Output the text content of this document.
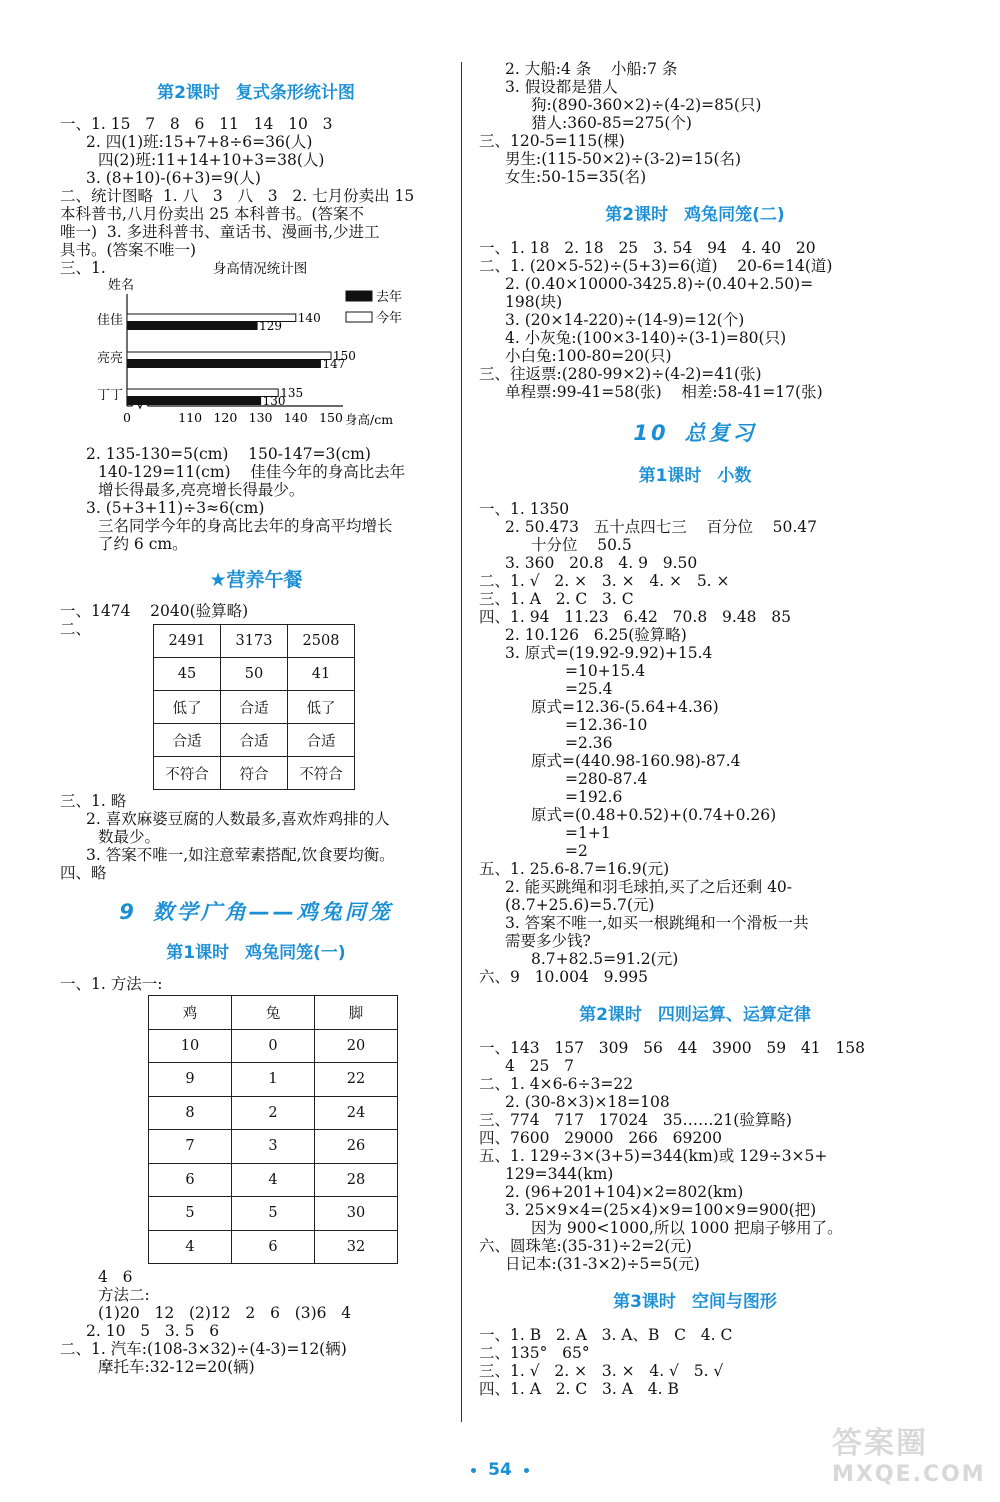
第2课时 复式条形统计图

一、1. 15   7   8   6   11   14   10   3

2. 四(1)班:15+7+8÷6=36(人)

四(2)班:11+14+10+3=38(人)

3. (8+10)-(6+3)=9(人)

二、统计图略  1. 八   3   八   3   2. 七月份卖出 15

本科普书,八月份卖出 25 本科普书。(答案不

唯一)  3. 多进科普书、童话书、漫画书,少进工

具书。(答案不唯一)

三、1.	身高情况统计图
姓名
0	110 120 130 140 150 身高/cm
佳佳	140
129
亮亮	150
147
丁丁	135
130
去年
今年

2. 135-130=5(cm)    150-147=3(cm)

140-129=11(cm)    佳佳今年的身高比去年

增长得最多,亮亮增长得最少。

3. (5+3+11)÷3≈6(cm)

三名同学今年的身高比去年的身高平均增长

了约 6 cm。

★营养午餐

一、1474    2040(验算略)

二、

2491	3173	2508
45	50	41
低了	合适	低了
合适	合适	合适
不符合	符合	不符合

三、1. 略

2. 喜欢麻婆豆腐的人数最多,喜欢炸鸡排的人

数最少。

3. 答案不唯一,如注意荤素搭配,饮食要均衡。

四、略

9 数学广角——鸡兔同笼

第1课时 鸡兔同笼(一)

一、1. 方法一:

鸡	兔	脚
10	0	20
9	1	22
8	2	24
7	3	26
6	4	28
5	5	30
4	6	32

4   6

方法二:

(1)20   12   (2)12   2   6   (3)6   4

2. 10   5   3. 5   6

二、1. 汽车:(108-3×32)÷(4-3)=12(辆)

摩托车:32-12=20(辆)

2. 大船:4 条    小船:7 条

3. 假设都是猎人

狗:(890-360×2)÷(4-2)=85(只)

猎人:360-85=275(个)

三、120-5=115(棵)

男生:(115-50×2)÷(3-2)=15(名)

女生:50-15=35(名)

第2课时 鸡兔同笼(二)

一、1. 18   2. 18   25   3. 54   94   4. 40   20

二、1. (20×5-52)÷(5+3)=6(道)    20-6=14(道)

2. (0.40×10000-3425.8)÷(0.40+2.50)=

198(块)

3. (20×14-220)÷(14-9)=12(个)

4. 小灰兔:(100×3-140)÷(3-1)=80(只)

小白兔:100-80=20(只)

三、往返票:(280-99×2)÷(4-2)=41(张)

单程票:99-41=58(张)    相差:58-41=17(张)

10 总复习

第1课时 小数

一、1. 1350

2. 50.473   五十点四七三    百分位    50.47

十分位    50.5

3. 360   20.8   4. 9   9.50

二、1. √   2. ×   3. ×   4. ×   5. ×

三、1. A   2. C   3. C

四、1. 94   11.23   6.42   70.8   9.48   85

2. 10.126   6.25(验算略)

3. 原式=(19.92-9.92)+15.4

=10+15.4

=25.4

原式=12.36-(5.64+4.36)

=12.36-10

=2.36

原式=(440.98-160.98)-87.4

=280-87.4

=192.6

原式=(0.48+0.52)+(0.74+0.26)

=1+1

=2

五、1. 25.6-8.7=16.9(元)

2. 能买跳绳和羽毛球拍,买了之后还剩 40-

(8.7+25.6)=5.7(元)

3. 答案不唯一,如买一根跳绳和一个滑板一共

需要多少钱?

8.7+82.5=91.2(元)

六、9   10.004   9.995

第2课时 四则运算、运算定律

一、143   157   309   56   44   3900   59   41   158

4   25   7

二、1. 4×6-6÷3=22

2. (30-8×3)×18=108

三、774   717   17024   35……21(验算略)

四、7600   29000   266   69200

五、1. 129÷3×(3+5)=344(km)或 129÷3×5+

129=344(km)

2. (96+201+104)×2=802(km)

3. 25×9×4=(25×4)×9=100×9=900(把)

因为 900<1000,所以 1000 把扇子够用了。

六、圆珠笔:(35-31)÷2=2(元)

日记本:(31-3×2)÷5=5(元)

第3课时 空间与图形

一、1. B   2. A   3. A、B   C   4. C

二、135°   65°

三、1. √   2. ×   3. ×   4. √   5. √

四、1. A   2. C   3. A   4. B

54
答案圈
MXQE.COM
